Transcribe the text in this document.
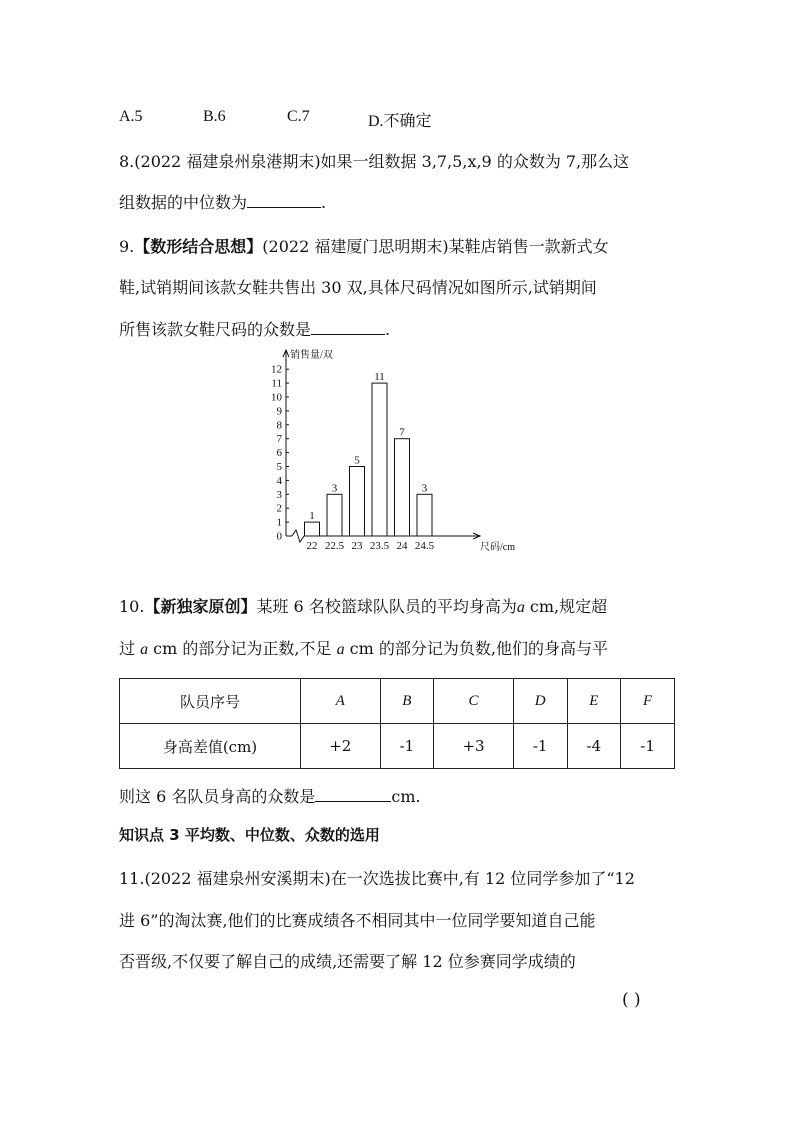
A.5	B.6	C.7	D.不确定
8.(2022 福建泉州泉港期末)如果一组数据 3,7,5,x,9 的众数为 7,那么这
组数据的中位数为	.
9.【数形结合思想】(2022 福建厦门思明期末)某鞋店销售一款新式女
鞋,试销期间该款女鞋共售出 30 双,具体尺码情况如图所示,试销期间
所售该款女鞋尺码的众数是	.
0
1
2
3
4
5
6
7
8
9
10
11
12
1
3
5
11
7
3
22 22.5 23 23.5 24 24.5
销售量/双
尺码/cm
10.【新独家原创】某班 6 名校篮球队队员的平均身高为a cm,规定超
过 a cm 的部分记为正数,不足 a cm 的部分记为负数,他们的身高与平
队员序号	A	B	C	D	E	F
身高差值(cm)	+2	-1	+3	-1	-4	-1
则这 6 名队员身高的众数是	cm.
知识点 3 平均数、中位数、众数的选用
11.(2022 福建泉州安溪期末)在一次选拔比赛中,有 12 位同学参加了“12
进 6”的淘汰赛,他们的比赛成绩各不相同其中一位同学要知道自己能
否晋级,不仅要了解自己的成绩,还需要了解 12 位参赛同学成绩的
( )
